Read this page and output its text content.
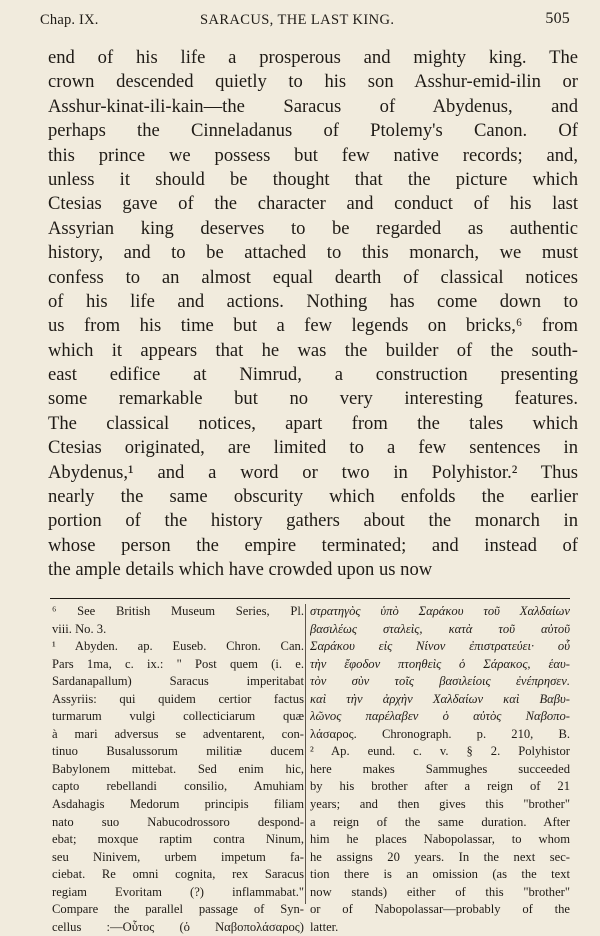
Chap. IX.	SARACUS, THE LAST KING.	505
end of his life a prosperous and mighty king. The
crown descended quietly to his son Asshur-emid-ilin or
Asshur-kinat-ili-kain—the Saracus of Abydenus, and
perhaps the Cinneladanus of Ptolemy's Canon. Of
this prince we possess but few native records; and,
unless it should be thought that the picture which
Ctesias gave of the character and conduct of his last
Assyrian king deserves to be regarded as authentic
history, and to be attached to this monarch, we must
confess to an almost equal dearth of classical notices
of his life and actions. Nothing has come down to
us from his time but a few legends on bricks,⁶ from
which it appears that he was the builder of the south-
east edifice at Nimrud, a construction presenting
some remarkable but no very interesting features.
The classical notices, apart from the tales which
Ctesias originated, are limited to a few sentences in
Abydenus,¹ and a word or two in Polyhistor.² Thus
nearly the same obscurity which enfolds the earlier
portion of the history gathers about the monarch in
whose person the empire terminated; and instead of
the ample details which have crowded upon us now
⁶ See British Museum Series, Pl.
viii. No. 3.
¹ Abyden. ap. Euseb. Chron. Can.
Pars 1ma, c. ix.: " Post quem (i. e.
Sardanapallum) Saracus imperitabat
Assyriis: qui quidem certior factus
turmarum vulgi collecticiarum quæ
à mari adversus se adventarent, con-
tinuo Busalussorum militiæ ducem
Babylonem mittebat. Sed enim hic,
capto rebellandi consilio, Amuhiam
Asdahagis Medorum principis filiam
nato suo Nabucodrossoro despond-
ebat; moxque raptim contra Ninum,
seu Ninivem, urbem impetum fa-
ciebat. Re omni cognita, rex Saracus
regiam Evoritam (?) inflammabat."
Compare the parallel passage of Syn-
cellus :—Οὗτος (ὁ Ναβοπολάσαρος)
στρατηγὸς ὑπὸ Σαράκου τοῦ Χαλδαίων
βασιλέως σταλεὶς, κατὰ τοῦ αὐτοῦ
Σαράκου εἰς Νίνον ἐπιστρατεύει· οὗ
τὴν ἔφοδον πτοηθεὶς ὁ Σάρακος, ἑαυ-
τὸν σὺν τοῖς βασιλείοις ἐνέπρησεν.
καὶ τὴν ἀρχὴν Χαλδαίων καὶ Βαβυ-
λῶνος παρέλαβεν ὁ αὐτὸς Ναβοπο-
λάσαρος. Chronograph. p. 210, B.
² Ap. eund. c. v. § 2. Polyhistor
here makes Sammughes succeeded
by his brother after a reign of 21
years; and then gives this "brother"
a reign of the same duration. After
him he places Nabopolassar, to whom
he assigns 20 years. In the next sec-
tion there is an omission (as the text
now stands) either of this "brother"
or of Nabopolassar—probably of the
latter.
